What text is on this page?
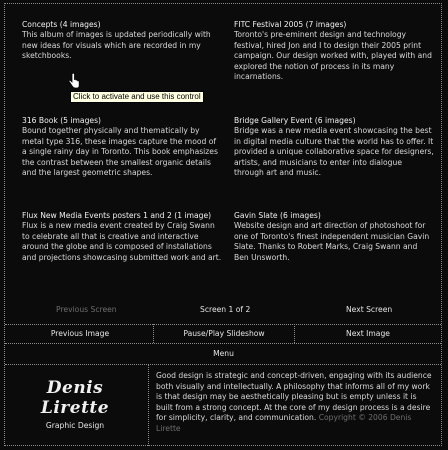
Concepts (4 images)
This album of images is updated periodically with new ideas for visuals which are recorded in my sketchbooks.
FITC Festival 2005 (7 images)
Toronto's pre-eminent design and technology festival, hired Jon and I to design their 2005 print campaign. Our design worked with, played with and explored the notion of process in its many incarnations.
316 Book (5 images)
Bound together physically and thematically by metal type 316, these images capture the mood of a single rainy day in Toronto. This book emphasizes the contrast between the smallest organic details and the largest geometric shapes.
Bridge Gallery Event (6 images)
Bridge was a new media event showcasing the best in digital media culture that the world has to offer. It provided a unique collaborative space for designers, artists, and musicians to enter into dialogue through art and music.
Flux New Media Events posters 1 and 2 (1 image)
Flux is a new media event created by Craig Swann to celebrate all that is creative and interactive around the globe and is composed of installations and projections showcasing submitted work and art.
Gavin Slate (6 images)
Website design and art direction of photoshoot for one of Toronto's finest independent musician Gavin Slate. Thanks to Robert Marks, Craig Swann and Ben Unsworth.
Click to activate and use this control
Previous Screen	Screen 1 of 2	Next Screen
Previous Image	Pause/Play Slideshow	Next Image
Menu
Denis Lirette
Graphic Design
Good design is strategic and concept-driven, engaging with its audience both visually and intellectually. A philosophy that informs all of my work is that design may be aesthetically pleasing but is empty unless it is built from a strong concept. At the core of my design process is a desire for simplicity, clarity, and communication. Copyright © 2006 Denis Lirette
